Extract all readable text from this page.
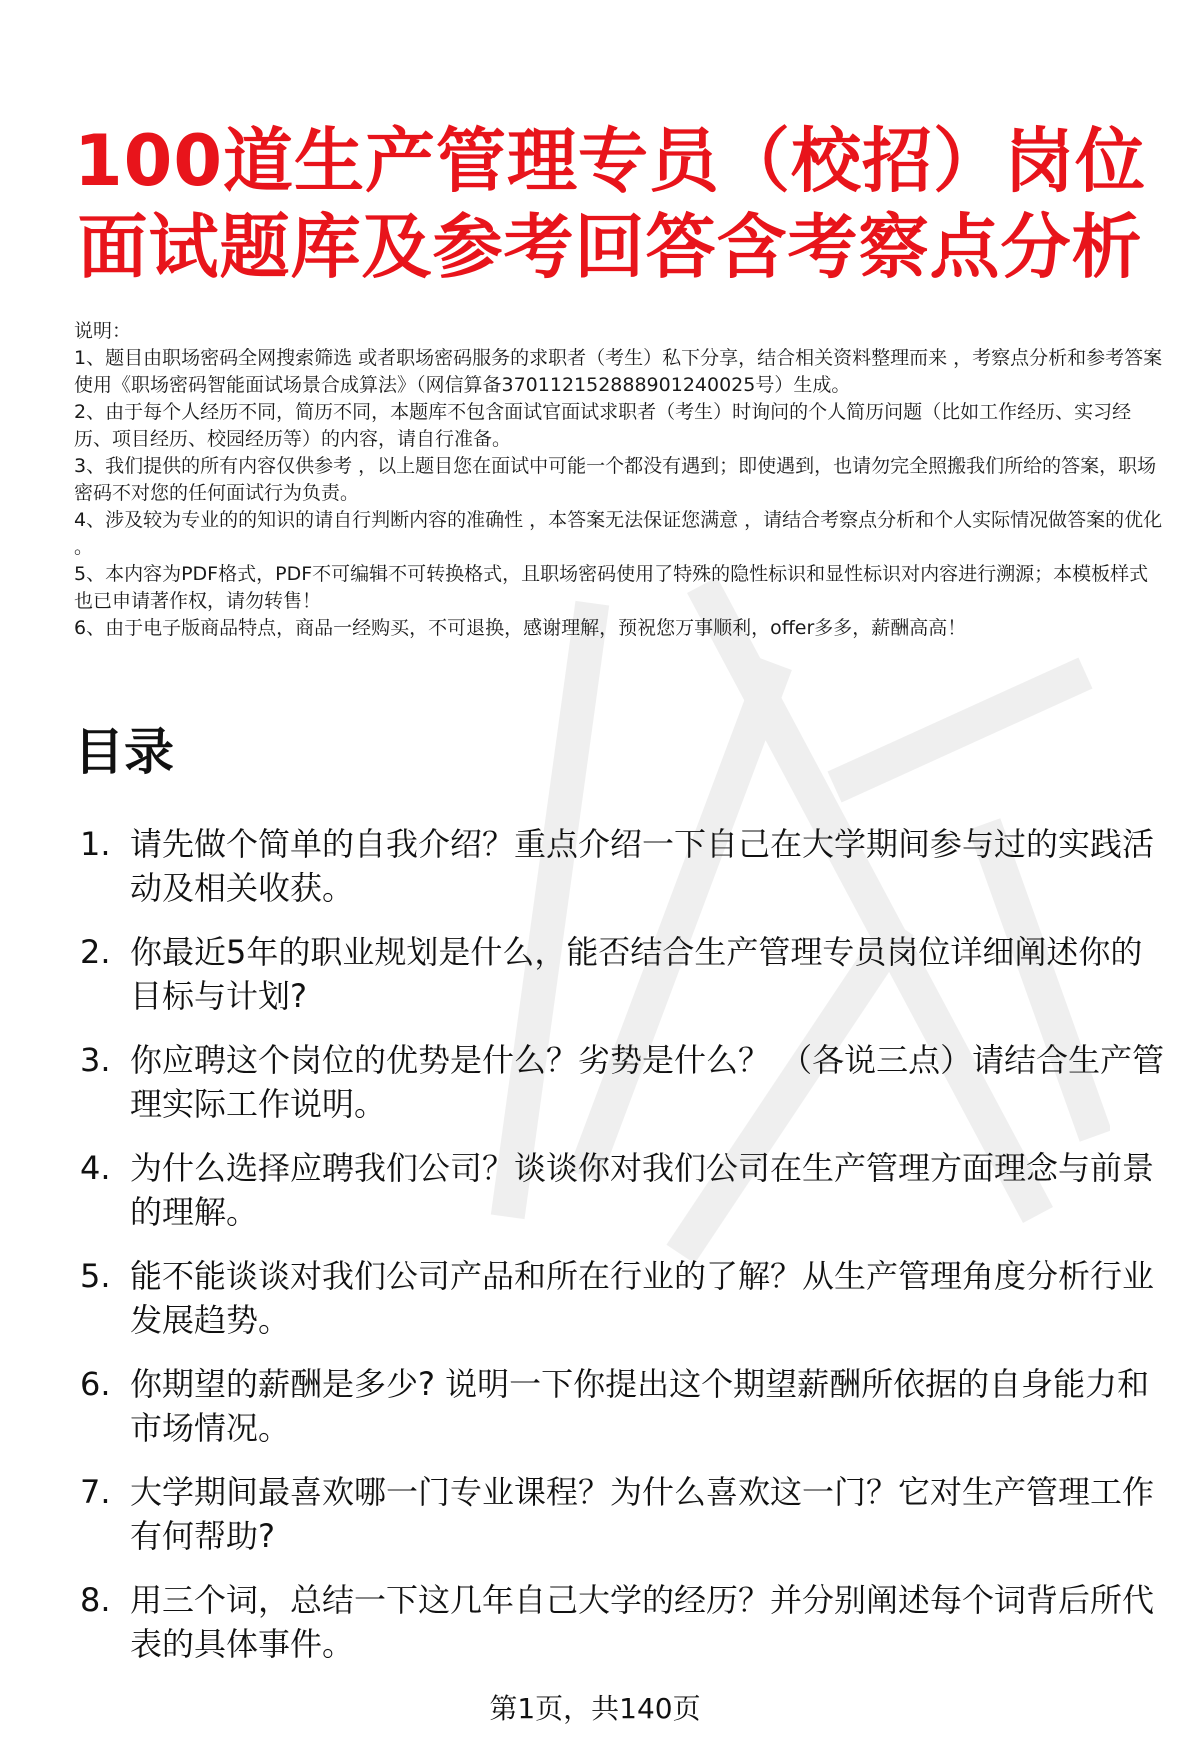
100道生产管理专员（校招）岗位面试题库及参考回答含考察点分析
说明：
1、题目由职场密码全网搜索筛选 或者职场密码服务的求职者（考生）私下分享，结合相关资料整理而来 ，考察点分析和参考答案使用《职场密码智能面试场景合成算法》（网信算备370112152888901240025号）生成。
2、由于每个人经历不同，简历不同，本题库不包含面试官面试求职者（考生）时询问的个人简历问题（比如工作经历、实习经历、项目经历、校园经历等）的内容，请自行准备。
3、我们提供的所有内容仅供参考 ，以上题目您在面试中可能一个都没有遇到；即使遇到，也请勿完全照搬我们所给的答案，职场密码不对您的任何面试行为负责。
4、涉及较为专业的的知识的请自行判断内容的准确性 ，本答案无法保证您满意 ，请结合考察点分析和个人实际情况做答案的优化 。
5、本内容为PDF格式，PDF不可编辑不可转换格式，且职场密码使用了特殊的隐性标识和显性标识对内容进行溯源；本模板样式也已申请著作权，请勿转售！
6、由于电子版商品特点，商品一经购买，不可退换，感谢理解，预祝您万事顺利，offer多多，薪酬高高！
目录
1. 请先做个简单的自我介绍？重点介绍一下自己在大学期间参与过的实践活动及相关收获。
2. 你最近5年的职业规划是什么，能否结合生产管理专员岗位详细阐述你的目标与计划?
3. 你应聘这个岗位的优势是什么？劣势是什么？ （各说三点）请结合生产管理实际工作说明。
4. 为什么选择应聘我们公司？谈谈你对我们公司在生产管理方面理念与前景的理解。
5. 能不能谈谈对我们公司产品和所在行业的了解？从生产管理角度分析行业发展趋势。
6. 你期望的薪酬是多少? 说明一下你提出这个期望薪酬所依据的自身能力和市场情况。
7. 大学期间最喜欢哪一门专业课程？为什么喜欢这一门？它对生产管理工作有何帮助?
8. 用三个词，总结一下这几年自己大学的经历？并分别阐述每个词背后所代表的具体事件。
第1页，共140页
